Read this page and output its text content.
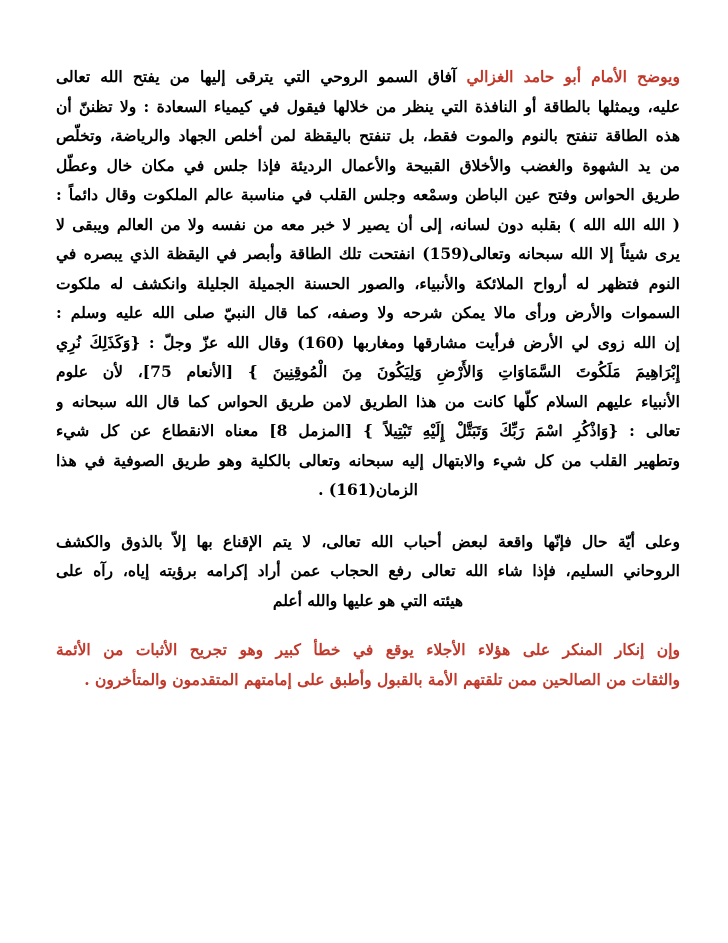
ويوضح الأمام أبو حامد الغزالي آفاق السمو الروحي التي يترقى إليها من يفتح الله تعالى
عليه، ويمثلها بالطاقة أو النافذة التي ينظر من خلالها فيقول في كيمياء السعادة : ولا تظننّ أن
هذه الطاقة تنفتح بالنوم والموت فقط، بل تنفتح باليقظة لمن أخلص الجهاد والرياضة، وتخلّص
من يد الشهوة والغضب والأخلاق القبيحة والأعمال الرديئة فإذا جلس في مكان خال وعطّل
طريق الحواس وفتح عين الباطن وسمْعه وجلس القلب في مناسبة عالم الملكوت وقال دائماً :
( الله الله الله ) بقلبه دون لسانه، إلى أن يصير لا خبر معه من نفسه ولا من العالم ويبقى لا
يرى شيئاً إلا الله سبحانه وتعالى(159) انفتحت تلك الطاقة وأبصر في اليقظة الذي يبصره في
النوم فتظهر له أرواح الملائكة والأنبياء، والصور الحسنة الجميلة الجليلة وانكشف له ملكوت
السموات والأرض ورأى مالا يمكن شرحه ولا وصفه، كما قال النبيّ صلى الله عليه وسلم :
إن الله زوى لي الأرض فرأيت مشارقها ومغاربها (160) وقال الله عزّ وجلّ : {وَكَذَلِكَ نُرِي
إِبْرَاهِيمَ مَلَكُوتَ السَّمَاوَاتِ وَالأَرْضِ وَلِيَكُونَ مِنَ الْمُوقِنِينَ } [الأنعام 75]، لأن علوم
الأنبياء عليهم السلام كلّها كانت من هذا الطريق لامن طريق الحواس كما قال الله سبحانه و
تعالى : {وَاذْكُرِ اسْمَ رَبِّكَ وَتَبَتَّلْ إِلَيْهِ تَبْتِيلاً } [المزمل 8] معناه الانقطاع عن كل شيء
وتطهير القلب من كل شيء والابتهال إليه سبحانه وتعالى بالكلية وهو طريق الصوفية في هذا
الزمان(161) .
وعلى أيّة حال فإنّها واقعة لبعض أحباب الله تعالى، لا يتم الإقناع بها إلاّ بالذوق والكشف
الروحاني السليم، فإذا شاء الله تعالى رفع الحجاب عمن أراد إكرامه برؤيته إياه، رآه على
هيئته التي هو عليها والله أعلم
وإن إنكار المنكر على هؤلاء الأجلاء يوقع في خطأ كبير وهو تجريح الأثبات من الأئمة
والثقات من الصالحين ممن تلقتهم الأمة بالقبول وأطبق على إمامتهم المتقدمون والمتأخرون .
